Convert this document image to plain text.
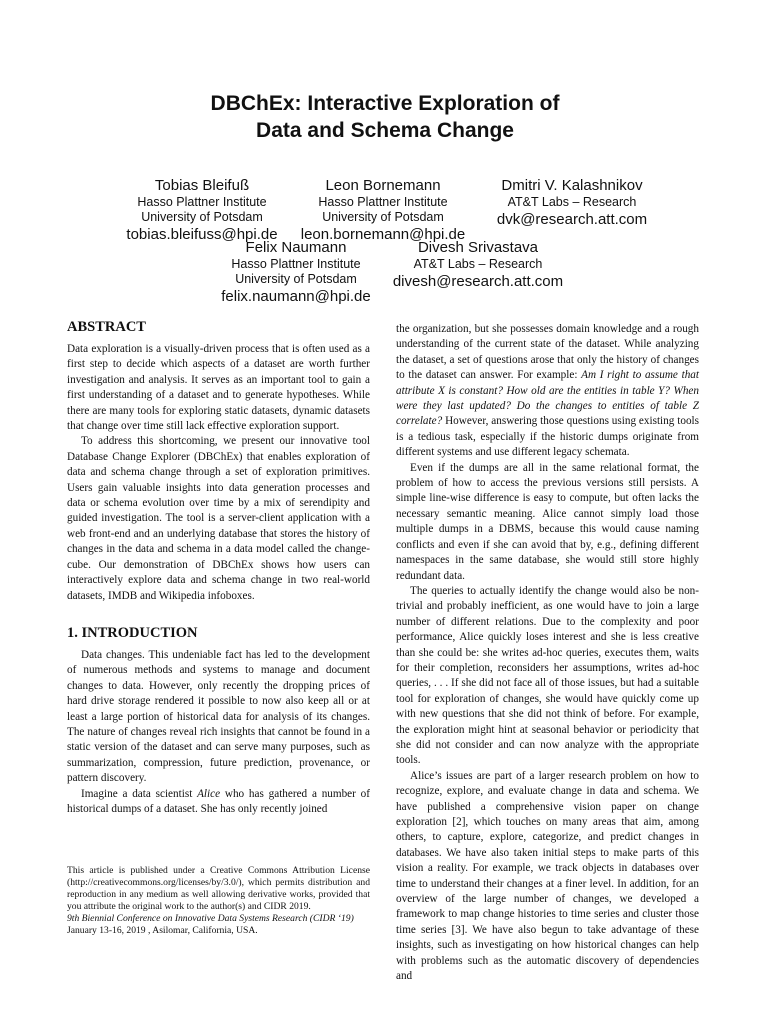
DBChEx: Interactive Exploration of
Data and Schema Change
Tobias Bleifuß
Hasso Plattner Institute
University of Potsdam
tobias.bleifuss@hpi.de
Leon Bornemann
Hasso Plattner Institute
University of Potsdam
leon.bornemann@hpi.de
Dmitri V. Kalashnikov
AT&T Labs – Research
dvk@research.att.com
Felix Naumann
Hasso Plattner Institute
University of Potsdam
felix.naumann@hpi.de
Divesh Srivastava
AT&T Labs – Research
divesh@research.att.com
ABSTRACT

Data exploration is a visually-driven process that is often used as a first step to decide which aspects of a dataset are worth further investigation and analysis. It serves as an important tool to gain a first understanding of a dataset and to generate hypotheses. While there are many tools for exploring static datasets, dynamic datasets that change over time still lack effective exploration support.

To address this shortcoming, we present our innovative tool Database Change Explorer (DBChEx) that enables exploration of data and schema change through a set of exploration primitives. Users gain valuable insights into data generation processes and data or schema evolution over time by a mix of serendipity and guided investigation. The tool is a server-client application with a web front-end and an underlying database that stores the history of changes in the data and schema in a data model called the change-cube. Our demonstration of DBChEx shows how users can interactively explore data and schema change in two real-world datasets, IMDB and Wikipedia infoboxes.

1. INTRODUCTION

Data changes. This undeniable fact has led to the development of numerous methods and systems to manage and document changes to data. However, only recently the dropping prices of hard drive storage rendered it possible to now also keep all or at least a large portion of historical data for analysis of its changes. The nature of changes reveal rich insights that cannot be found in a static version of the dataset and can serve many purposes, such as summarization, compression, future prediction, provenance, or pattern discovery.

Imagine a data scientist Alice who has gathered a number of historical dumps of a dataset. She has only recently joined

This article is published under a Creative Commons Attribution License (http://creativecommons.org/licenses/by/3.0/), which permits distribution and reproduction in any medium as well allowing derivative works, provided that you attribute the original work to the author(s) and CIDR 2019.
9th Biennial Conference on Innovative Data Systems Research (CIDR ‘19)
January 13-16, 2019 , Asilomar, California, USA.

the organization, but she possesses domain knowledge and a rough understanding of the current state of the dataset. While analyzing the dataset, a set of questions arose that only the history of changes to the dataset can answer. For example: Am I right to assume that attribute X is constant? How old are the entities in table Y? When were they last updated? Do the changes to entities of table Z correlate? However, answering those questions using existing tools is a tedious task, especially if the historic dumps originate from different systems and use different legacy schemata.

Even if the dumps are all in the same relational format, the problem of how to access the previous versions still persists. A simple line-wise difference is easy to compute, but often lacks the necessary semantic meaning. Alice cannot simply load those multiple dumps in a DBMS, because this would cause naming conflicts and even if she can avoid that by, e.g., defining different namespaces in the same database, she would still store highly redundant data.

The queries to actually identify the change would also be non-trivial and probably inefficient, as one would have to join a large number of different relations. Due to the complexity and poor performance, Alice quickly loses interest and she is less creative than she could be: she writes ad-hoc queries, executes them, waits for their completion, reconsiders her assumptions, writes ad-hoc queries, . . . If she did not face all of those issues, but had a suitable tool for exploration of changes, she would have quickly come up with new questions that she did not think of before. For example, the exploration might hint at seasonal behavior or periodicity that she did not consider and can now analyze with the appropriate tools.

Alice’s issues are part of a larger research problem on how to recognize, explore, and evaluate change in data and schema. We have published a comprehensive vision paper on change exploration [2], which touches on many areas that aim, among others, to capture, explore, categorize, and predict changes in databases. We have also taken initial steps to make parts of this vision a reality. For example, we track objects in databases over time to understand their changes at a finer level. In addition, for an overview of the large number of changes, we developed a framework to map change histories to time series and cluster those time series [3]. We have also begun to take advantage of these insights, such as investigating on how historical changes can help with problems such as the automatic discovery of dependencies and
